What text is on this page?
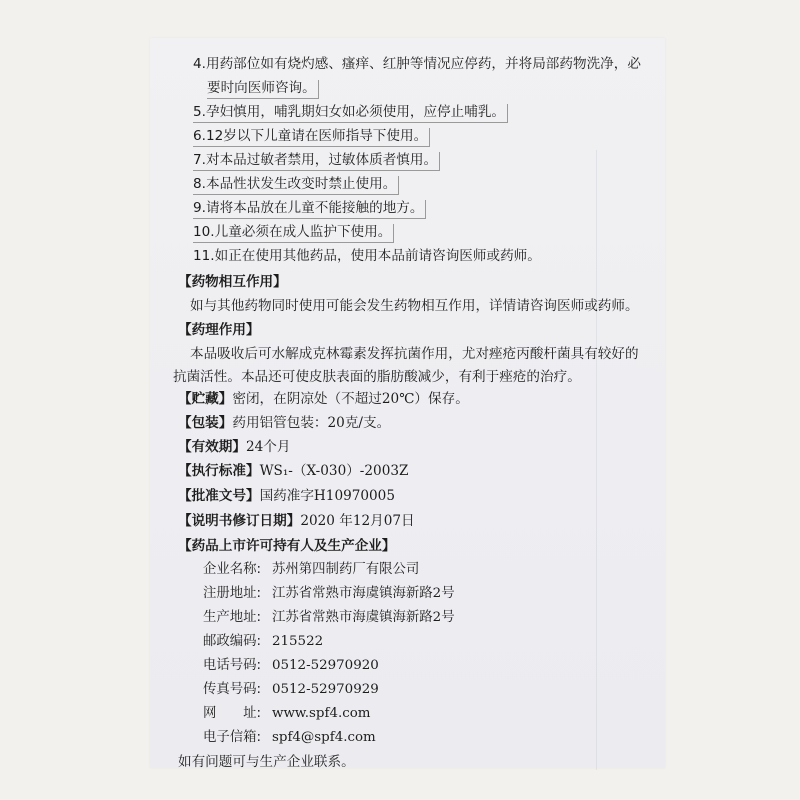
4.用药部位如有烧灼感、瘙痒、红肿等情况应停药，并将局部药物洗净，必
要时向医师咨询。
5.孕妇慎用，哺乳期妇女如必须使用，应停止哺乳。
6.12岁以下儿童请在医师指导下使用。
7.对本品过敏者禁用，过敏体质者慎用。
8.本品性状发生改变时禁止使用。
9.请将本品放在儿童不能接触的地方。
10.儿童必须在成人监护下使用。
11.如正在使用其他药品，使用本品前请咨询医师或药师。
【药物相互作用】
如与其他药物同时使用可能会发生药物相互作用，详情请咨询医师或药师。
【药理作用】
本品吸收后可水解成克林霉素发挥抗菌作用，尤对痤疮丙酸杆菌具有较好的
抗菌活性。本品还可使皮肤表面的脂肪酸减少，有利于痤疮的治疗。
【贮藏】密闭，在阴凉处（不超过20℃）保存。
【包装】药用铝管包装：20克/支。
【有效期】24个月
【执行标准】WS₁-（X-030）-2003Z
【批准文号】国药准字H10970005
【说明书修订日期】2020 年12月07日
【药品上市许可持有人及生产企业】
企业名称: 苏州第四制药厂有限公司
注册地址: 江苏省常熟市海虞镇海新路2号
生产地址: 江苏省常熟市海虞镇海新路2号
邮政编码: 215522
电话号码: 0512-52970920
传真号码: 0512-52970929
网　　址: www.spf4.com
电子信箱: spf4@spf4.com
如有问题可与生产企业联系。
